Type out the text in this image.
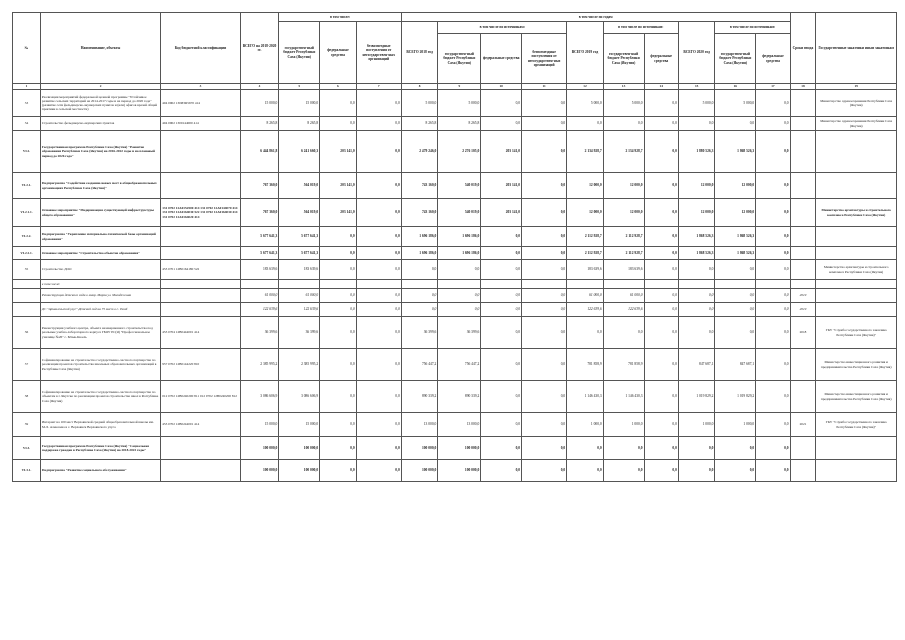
№	Наименование, объекты	Код бюджетной классификации	ВСЕГО на 2018-2020 гг.	в том числе:			в том числе по годам										Сроки ввода	Государственные заказчики иным заказчикам
				государствен-ный бюджет Республики Саха (Якутия)	федеральные средства	безвозмездные поступления от негосударствен-ных организаций	ВСЕГО 2018 год	в том числе по источникам:			ВСЕГО 2019 год	в том числе по источникам:		ВСЕГО 2020 год	в том числе по источникам:			
								государствен-ный бюджет Республики Саха (Якутия)	федеральные средства	безвозмездные поступления от негосударствен-ных организаций		государствен-ный бюджет Республики Саха (Якутия)	федеральные средства		государствен-ный бюджет Республики Саха (Якутия)	федеральные средства		
1	2	3	4	5	6	7	8	9	10	11	12	13	14	15	16	17	18	19
33	Реализация мероприятий федеральной целевой программы "Устойчивое развитие сельских территорий на 2014-2017 годы и на период до 2020 года" (развитие сети фельдшерско-акушерских пунктов и (или) офисов врачей общей практики в сельской местности)	404 0902 130И3R5670 414	15 000,0	15 000,0	0,0	0,0	5 000,0	5 000,0	0,0	0,0	5 000,0	5 000,0	0,0	5 000,0	5 000,0	0,0		Министерство здравоохранения Республики Саха (Якутия)
34	Строительство фельдшерско-акушерских пунктов	404 0902 1300144000 414	8 265,8	8 265,8	0,0	0,0	8 265,8	8 265,8	0,0	0,0	0,0	0,0	0,0	0,0	0,0	0,0		Министерство здравоохранения Республики Саха (Якутия)
VI.2.	Государственная программа Республики Саха (Якутия) "Развитие образования Республики Саха (Якутия) на 2016-2022 годы и на плановый период до 2026 года"		6 444 861,8	6 241 660,3	203 141,0	0,0	2 479 246,0	2 276 105,0	203 141,0	0,0	2 134 928,7	2 134 928,7	0,0	1 880 526,3	1 868 526,3	0,0		
VI.2.1.	Подпрограмма "Содействие созданию новых мест в общеобразовательных организациях Республики Саха (Якутия)"		767 360,0	564 019,0	203 141,0	0,0	743 160,0	540 019,0	203 141,0	0,0	12 000,0	12 000,0	0,0	12 000,0	12 000,0	0,0		
VI.2.1.1.	Основное мероприятие "Модернизация существующей инфраструктуры общего образования"	131 0702 12А0152500 414 131 0702 12А0144070 414 131 0702 12А0164030 522 131 0702 12А0164030 414 131 0702 12А0164020 414	767 360,0	564 019,0	203 141,0	0,0	743 160,0	540 019,0	203 141,0	0,0	12 000,0	12 000,0	0,0	12 000,0	12 000,0	0,0		Министерство архитектуры и строительного комплекса Республики Саха (Якутия)
VI.2.2.	Подпрограмма "Укрепление материально-технической базы организаций образования"		5 677 641,3	5 677 641,3	0,0	0,0	1 696 186,0	1 696 186,0	0,0	0,0	2 112 928,7	2 112 928,7	0,0	1 868 526,3	1 868 526,3	0,0		
VI.2.2.1.	Основное мероприятие "Строительство объектов образования"		5 677 641,3	5 677 641,3	0,0	0,0	1 696 186,0	1 696 186,0	0,0	0,0	2 112 928,7	2 112 928,7	0,0	1 868 526,3	1 868 526,3	0,0		
35	Строительство ДОО	453 0701 12В0164180 522	183 639,6	183 639,6	0,0	0,0	0,0	0,0	0,0	0,0	183 639,6	183 639,6	0,0	0,0	0,0	0,0		Министерство архитектуры и строительного комплекса Республики Саха (Якутия)
	в том числе:																	
	Реконструкция детского сада в микр. Марха ул. Молодежная		61 000,0	61 000,0	0,0	0,0	0,0	0,0	0,0	0,0	61 000,0	61 000,0	0,0	0,0	0,0	0,0	2019	
	ДС "Архангельский улус" Детский сад на 75 мест в с. Тюой		122 639,6	122 639,6	0,0	0,0	0,0	0,0	0,0	0,0	122 639,6	122 639,6	0,0	0,0	0,0	0,0	2019	
36	Реконструкция учебного центра, объекта незавершенного строительства под реальные учебно-лабораторного корпуса ГБОУ РС(Я) "Профессиональное училище №26" с. Ытык-Кюель	453 0704 12В0444001 414	36 399,6	36 399,6	0,0	0,0	36 399,6	36 399,6	0,0	0,0	0,0	0,0	0,0	0,0	0,0	0,0	2018	ГКУ "Служба государственного заказчика Республики Саха (Якутия)"
37	Софинансирование на строительство государственно-частного партнерства по реализации проектов строительства школьных образовательных организаций в Республике Саха (Якутия)	957 0702 12В0144220 810	2 385 995,2	2 385 995,2	0,0	0,0	756 447,2	756 447,2	0,0	0,0	781 858,9	781 858,9	0,0	847 687,1	847 687,1	0,0		Министерство инвестиционного развития и предпринимательства Республики Саха (Якутия)
38	Софинансирование на строительство государственно-частного партнерства по объектам в г. Якутске по реализации проектов строительства школ в Республике Саха (Якутия)	012 0702 12В0240200 811 012 0702 12В0240200 812	3 086 606,9	3 086 606,9	0,0	0,0	890 339,2	890 339,2	0,0	0,0	1 146 430,3	1 146 430,3	0,0	1 019 829,2	1 019 829,2	0,0		Министерство инвестиционного развития и предпринимательства Республики Саха (Якутия)
39	Интернат на 100 мест Верхоянской средней общеобразовательной школы им. М.Л. Алексеева в с. Верхоянск Верхоянского улуса	453 0702 12В0244001 414	15 000,0	15 000,0	0,0	0,0	13 000,0	13 000,0	0,0	0,0	1 000,0	1 000,0	0,0	1 000,0	1 000,0	0,0	2021	ГКУ "Служба государственного заказчика Республики Саха (Якутия)"
VI.3.	Государственная программа Республики Саха (Якутия) "Социальная поддержка граждан в Республике Саха (Якутия) на 2018-2022 годы"		100 000,0	100 000,0	0,0	0,0	100 000,0	100 000,0	0,0	0,0	0,0	0,0	0,0	0,0	0,0	0,0		
VI.3.1.	Подпрограмма "Развитие социального обслуживания"		100 000,0	100 000,0	0,0	0,0	100 000,0	100 000,0	0,0	0,0	0,0	0,0	0,0	0,0	0,0	0,0		
